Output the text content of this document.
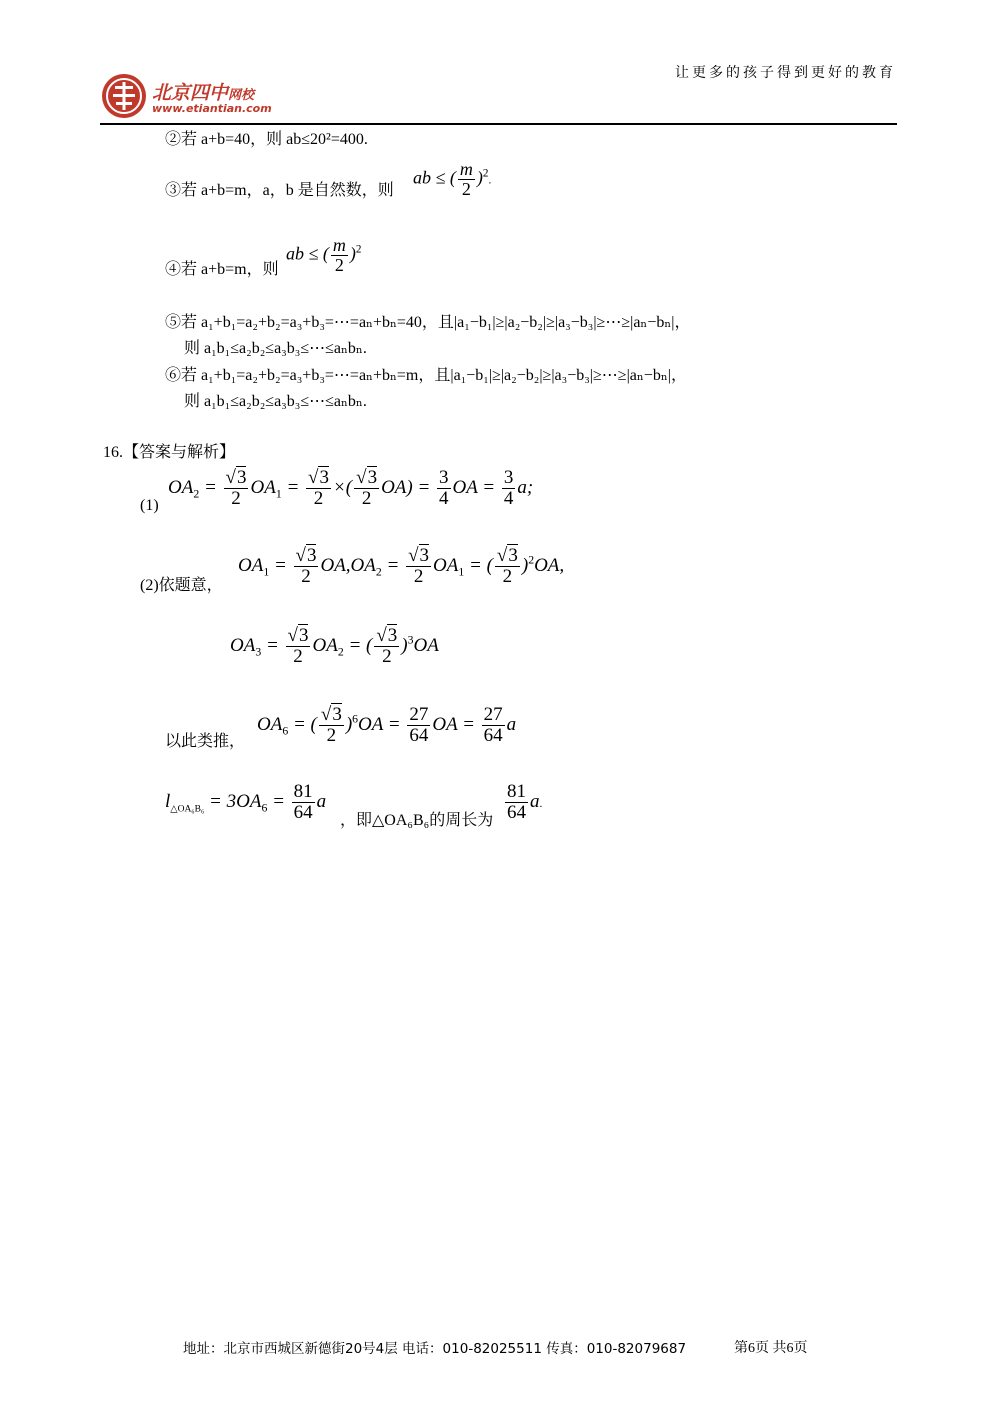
北京四中网校
www.etiantian.com
让更多的孩子得到更好的教育
②若 a+b=40，则 ab≤20²=400.
③若 a+b=m，a，b 是自然数，则
ab ≤ ( $\frac{m}{2} )^2$.
④若 a+b=m，则
ab ≤ ( $\frac{m}{2} )^2$
⑤若 a₁+b₁=a₂+b₂=a₃+b₃=⋯=aₙ+bₙ=40，且|a₁−b₁|≥|a₂−b₂|≥|a₃−b₃|≥⋯≥|aₙ−bₙ|，
则 a₁b₁≤a₂b₂≤a₃b₃≤⋯≤aₙbₙ.
⑥若 a₁+b₁=a₂+b₂=a₃+b₃=⋯=aₙ+bₙ=m，且|a₁−b₁|≥|a₂−b₂|≥|a₃−b₃|≥⋯≥|aₙ−bₙ|，
则 a₁b₁≤a₂b₂≤a₃b₃≤⋯≤aₙbₙ.
16.【答案与解析】
(1)
$OA_2 = \frac{√3}{2} OA_1 = \frac{√3}{2}$ ×( $\frac{√3}{2} OA) = \frac{3}{4}$ OA = $\frac{3}{4} a$;
(2)依题意，
$OA_1 = \frac{√3}{2} OA,OA_2 = \frac{√3}{2} OA_1$ = ( $\frac{√3}{2} )^2OA$,
$OA_3 = \frac{√3}{2} OA_2$ = ( $\frac{√3}{2} )^3OA$
以此类推，
$OA_6$ = ( $\frac{√3}{2} )^6OA = \frac{27}{64}$ OA = $\frac{27}{64}$ a
$l_{\triangle OA_6B_6} = 3OA_6 = \frac{81}{64}$ a
，即△OA₆B₆的周长为 $\frac{81}{64} a$.
地址：北京市西城区新德街20号4层 电话：010-82025511 传真：010-82079687	第6页 共6页
